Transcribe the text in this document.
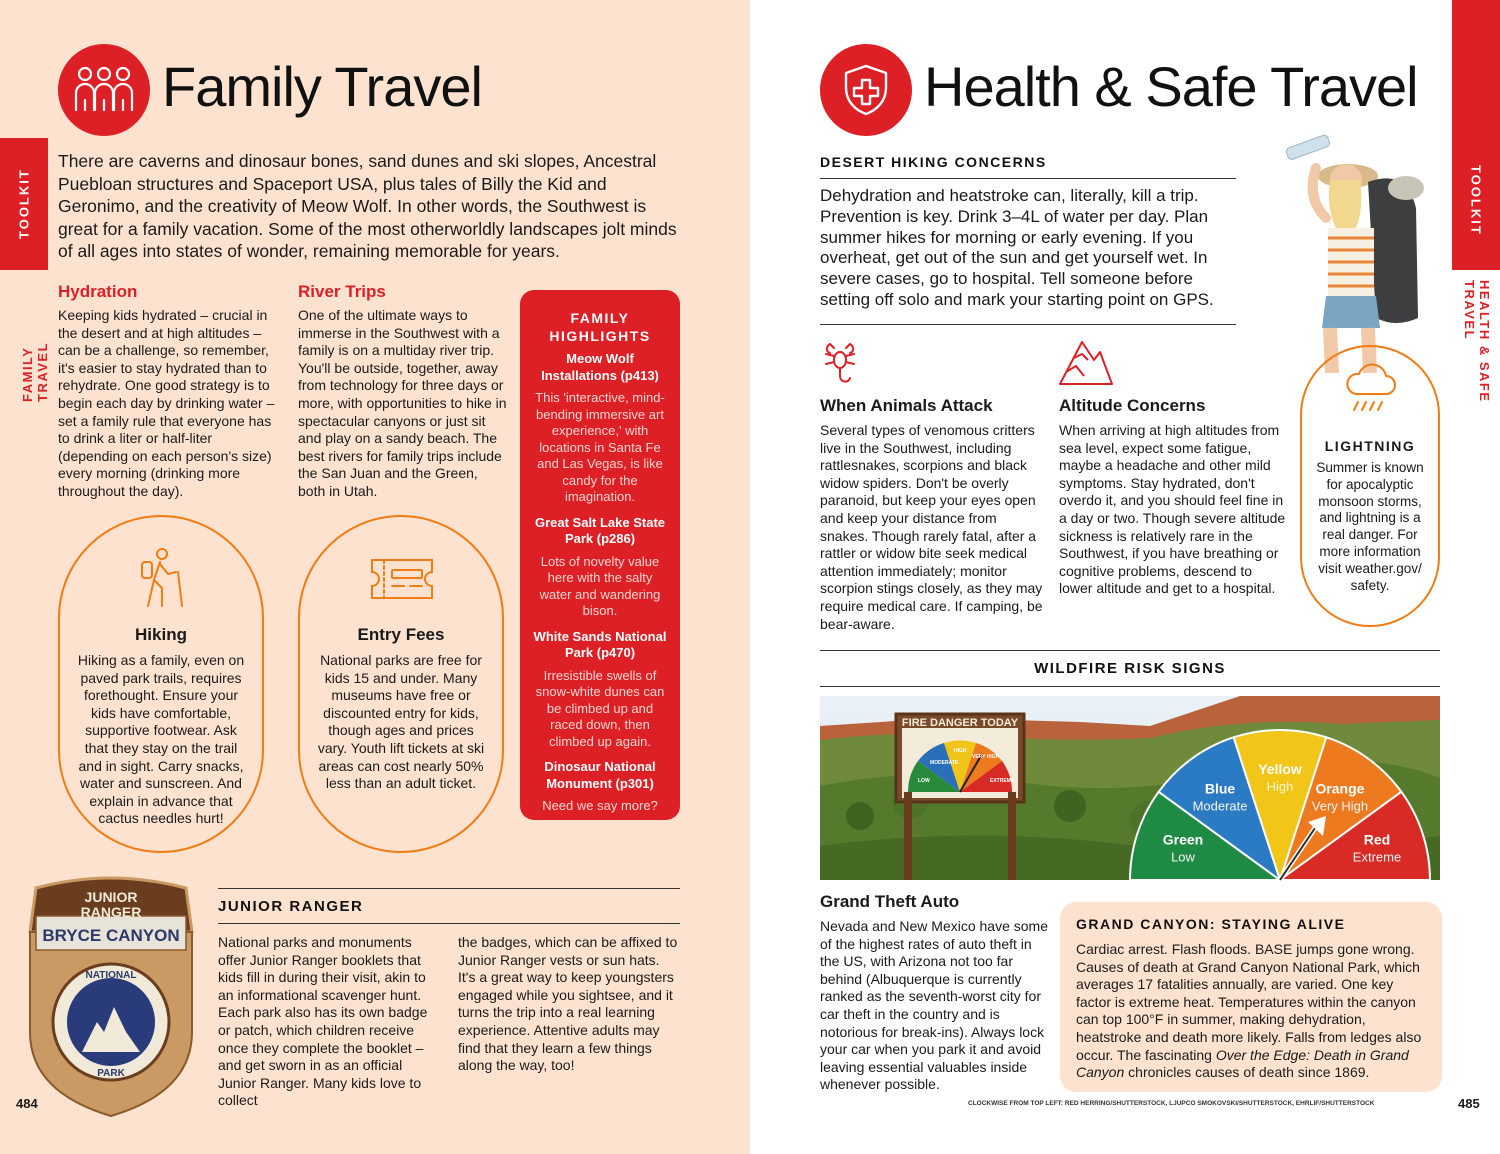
TOOLKIT
FAMILY TRAVEL
Family Travel
There are caverns and dinosaur bones, sand dunes and ski slopes, Ancestral Puebloan structures and Spaceport USA, plus tales of Billy the Kid and Geronimo, and the creativity of Meow Wolf. In other words, the Southwest is great for a family vacation. Some of the most otherworldly landscapes jolt minds of all ages into states of wonder, remaining memorable for years.
Hydration
Keeping kids hydrated – crucial in the desert and at high altitudes – can be a challenge, so remember, it's easier to stay hydrated than to rehydrate. One good strategy is to begin each day by drinking water – set a family rule that everyone has to drink a liter or half-liter (depending on each person's size) every morning (drinking more throughout the day).
River Trips
One of the ultimate ways to immerse in the Southwest with a family is on a multiday river trip. You'll be outside, together, away from technology for three days or more, with opportunities to hike in spectacular canyons or just sit and play on a sandy beach. The best rivers for family trips include the San Juan and the Green, both in Utah.
FAMILY HIGHLIGHTS
Meow Wolf Installations (p413)
This 'interactive, mind-bending immersive art experience,' with locations in Santa Fe and Las Vegas, is like candy for the imagination.
Great Salt Lake State Park (p286)
Lots of novelty value here with the salty water and wandering bison.
White Sands National Park (p470)
Irresistible swells of snow-white dunes can be climbed up and raced down, then climbed up again.
Dinosaur National Monument (p301)
Need we say more?
Hiking
Hiking as a family, even on paved park trails, requires forethought. Ensure your kids have comfortable, supportive footwear. Ask that they stay on the trail and in sight. Carry snacks, water and sunscreen. And explain in advance that cactus needles hurt!
Entry Fees
National parks are free for kids 15 and under. Many museums have free or discounted entry for kids, though ages and prices vary. Youth lift tickets at ski areas can cost nearly 50% less than an adult ticket.
JUNIOR
RANGER
BRYCE CANYON
NATIONAL
PARK
JUNIOR RANGER
National parks and monuments offer Junior Ranger booklets that kids fill in during their visit, akin to an informational scavenger hunt. Each park also has its own badge or patch, which children receive once they complete the booklet – and get sworn in as an official Junior Ranger. Many kids love to collect
the badges, which can be affixed to Junior Ranger vests or sun hats. It's a great way to keep youngsters engaged while you sightsee, and it turns the trip into a real learning experience. Attentive adults may find that they learn a few things along the way, too!
484
Health & Safe Travel
TOOLKIT
HEALTH & SAFE TRAVEL
DESERT HIKING CONCERNS
Dehydration and heatstroke can, literally, kill a trip. Prevention is key. Drink 3–4L of water per day. Plan summer hikes for morning or early evening. If you overheat, get out of the sun and get yourself wet. In severe cases, go to hospital. Tell someone before setting off solo and mark your starting point on GPS.
When Animals Attack
Several types of venomous critters live in the Southwest, including rattlesnakes, scorpions and black widow spiders. Don't be overly paranoid, but keep your eyes open and keep your distance from snakes. Though rarely fatal, after a rattler or widow bite seek medical attention immediately; monitor scorpion stings closely, as they may require medical care. If camping, be bear-aware.
Altitude Concerns
When arriving at high altitudes from sea level, expect some fatigue, maybe a headache and other mild symptoms. Stay hydrated, don't overdo it, and you should feel fine in a day or two. Though severe altitude sickness is relatively rare in the Southwest, if you have breathing or cognitive problems, descend to lower altitude and get to a hospital.
LIGHTNING
Summer is known for apocalyptic monsoon storms, and lightning is a real danger. For more information visit weather.gov/ safety.
WILDFIRE RISK SIGNS
FIRE DANGER TODAY
LOW
MODERATE
HIGH
VERY HIGH
EXTREME
Green
Low
Blue
Moderate
Yellow
High Orange
Very High
Red
Extreme
Grand Theft Auto
Nevada and New Mexico have some of the highest rates of auto theft in the US, with Arizona not too far behind (Albuquerque is currently ranked as the seventh-worst city for car theft in the country and is notorious for break-ins). Always lock your car when you park it and avoid leaving essential valuables inside whenever possible.
GRAND CANYON: STAYING ALIVE
Cardiac arrest. Flash floods. BASE jumps gone wrong. Causes of death at Grand Canyon National Park, which averages 17 fatalities annually, are varied. One key factor is extreme heat. Temperatures within the canyon can top 100°F in summer, making dehydration, heatstroke and death more likely. Falls from ledges also occur. The fascinating Over the Edge: Death in Grand Canyon chronicles causes of death since 1869.
CLOCKWISE FROM TOP LEFT: RED HERRING/SHUTTERSTOCK, LJUPCO SMOKOVSKI/SHUTTERSTOCK, EHRLIF/SHUTTERSTOCK	485
